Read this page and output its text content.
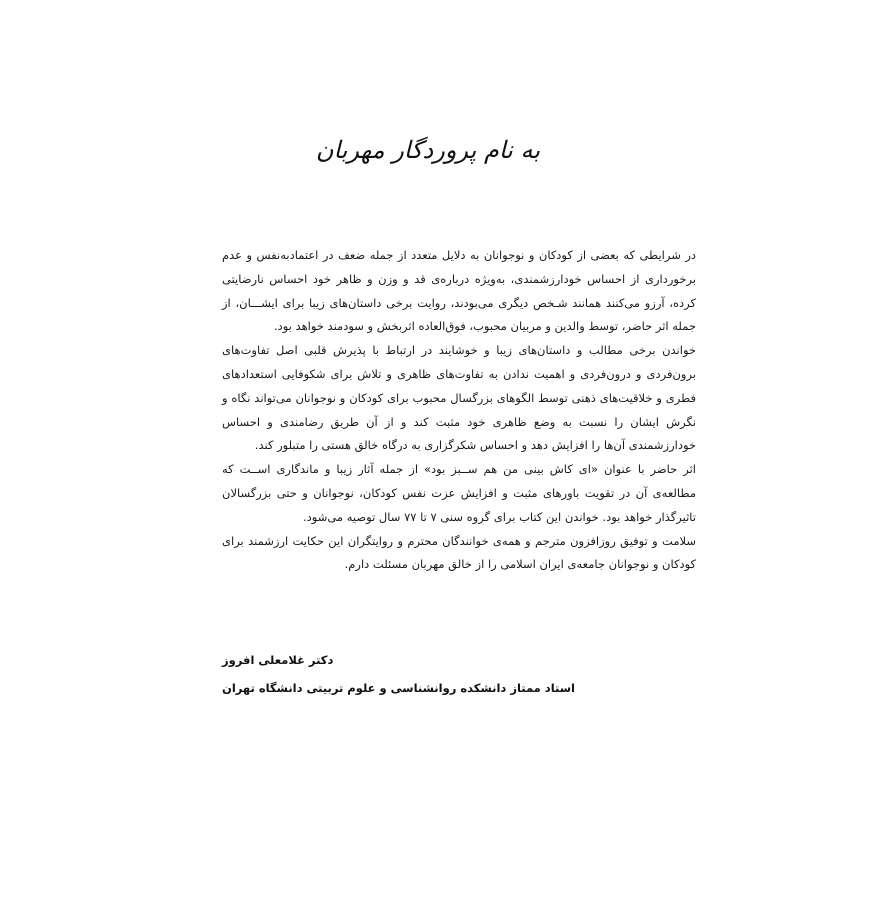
به نام پروردگار مهربان

در شرایطی که بعضی از کودکان و نوجوانان به دلایل متعدد از جمله ضعف در اعتمادبه‌نفس و عدم برخورداری از احساس خودارزشمندی، به‌ویژه درباره‌ی قد و وزن و ظاهر خود احساس نارضایتی کرده، آرزو می‌کنند همانند شـخص دیگری می‌بودند، روایت برخی داستان‌های زیبا برای ایشـــان، از جمله اثر حاضر، توسط والدین و مربیان محبوب، فوق‌العاده اثربخش و سودمند خواهد بود.

خواندن برخی مطالب و داستان‌های زیبا و خوشایند در ارتباط با پذیرش قلبی اصل تفاوت‌های برون‌فردی و درون‌فردی و اهمیت ندادن به تفاوت‌های ظاهری و تلاش برای شکوفایی استعدادهای فطری و خلاقیت‌های ذهنی توسط الگوهای بزرگسال محبوب برای کودکان و نوجوانان می‌تواند نگاه و نگرش ایشان را نسبت به وضع ظاهری خود مثبت کند و از آن طریق رضامندی و احساس خودارزشمندی آن‌ها را افزایش دهد و احساس شکرگزاری به درگاه خالق هستی را متبلور کند.

اثر حاضر با عنوان «ای کاش بینی من هم ســبز بود» از جمله آثار زیبا و ماندگاری اســت که مطالعه‌ی آن در تقویت باورهای مثبت و افزایش عزت نفس کودکان، نوجوانان و حتی بزرگسالان تاثیرگذار خواهد بود. خواندن این کتاب برای گروه سنی ۷ تا ۷۷ سال توصیه می‌شود.

سلامت و توفیق روزافزون مترجم و همه‌ی خوانندگان محترم و روایتگران این حکایت ارزشمند برای کودکان و نوجوانان جامعه‌ی ایران اسلامی را از خالق مهربان مسئلت دارم.

دکتر غلامعلی افروز
استاد ممتاز دانشکده روانشناسی و علوم تربیتی دانشگاه تهران
